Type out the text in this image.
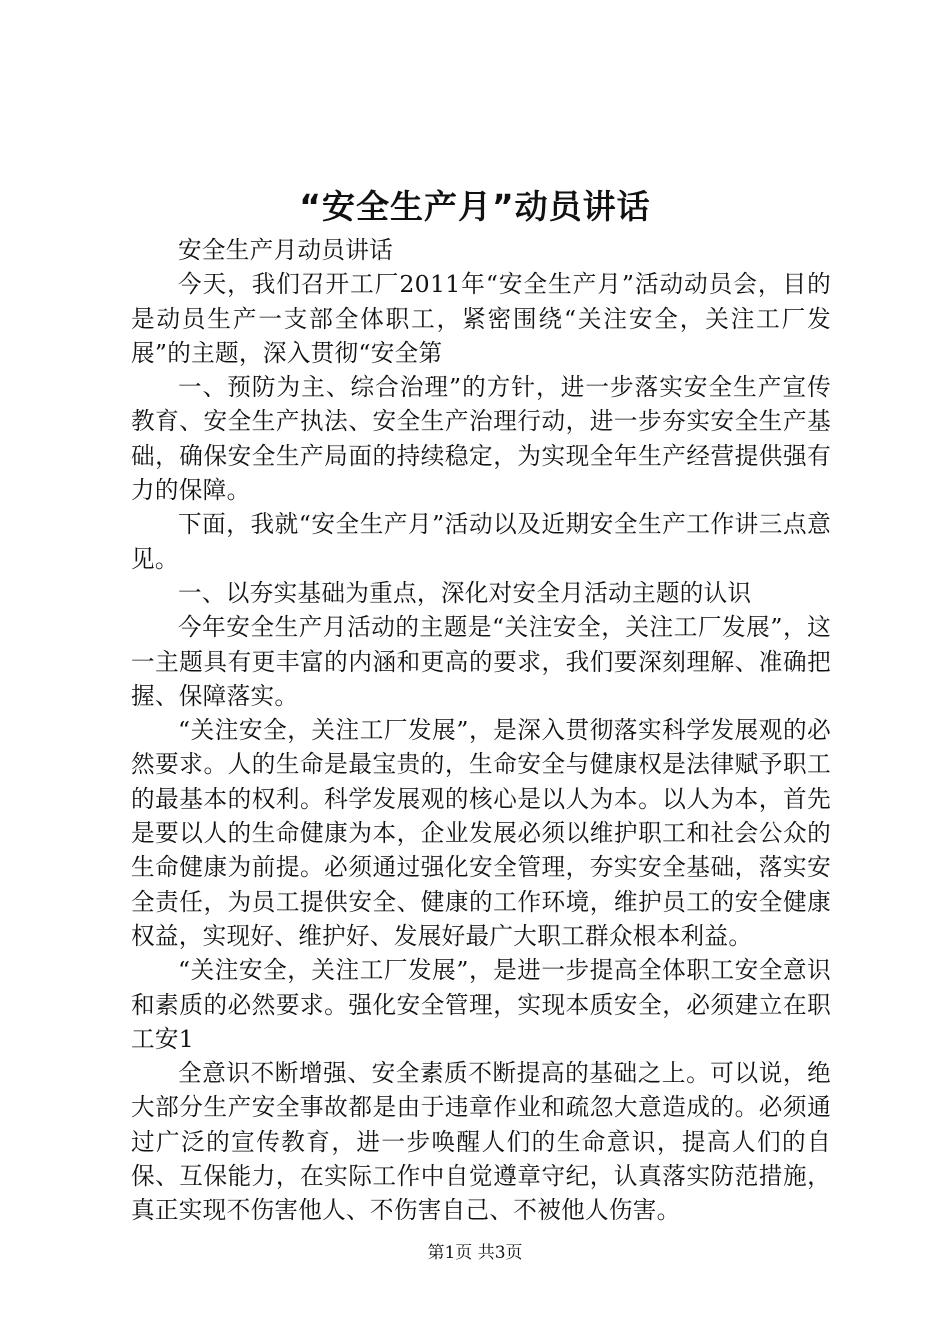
“安全生产月”动员讲话

安全生产月动员讲话

今天，我们召开工厂2011年“安全生产月”活动动员会，目的是动员生产一支部全体职工，紧密围绕“关注安全，关注工厂发展”的主题，深入贯彻“安全第

一、预防为主、综合治理”的方针，进一步落实安全生产宣传教育、安全生产执法、安全生产治理行动，进一步夯实安全生产基础，确保安全生产局面的持续稳定，为实现全年生产经营提供强有力的保障。

下面，我就“安全生产月”活动以及近期安全生产工作讲三点意见。

一、以夯实基础为重点，深化对安全月活动主题的认识

今年安全生产月活动的主题是“关注安全，关注工厂发展”，这一主题具有更丰富的内涵和更高的要求，我们要深刻理解、准确把握、保障落实。

“关注安全，关注工厂发展”，是深入贯彻落实科学发展观的必然要求。人的生命是最宝贵的，生命安全与健康权是法律赋予职工的最基本的权利。科学发展观的核心是以人为本。以人为本，首先是要以人的生命健康为本，企业发展必须以维护职工和社会公众的生命健康为前提。必须通过强化安全管理，夯实安全基础，落实安全责任，为员工提供安全、健康的工作环境，维护员工的安全健康权益，实现好、维护好、发展好最广大职工群众根本利益。

“关注安全，关注工厂发展”，是进一步提高全体职工安全意识和素质的必然要求。强化安全管理，实现本质安全，必须建立在职工安1

全意识不断增强、安全素质不断提高的基础之上。可以说，绝大部分生产安全事故都是由于违章作业和疏忽大意造成的。必须通过广泛的宣传教育，进一步唤醒人们的生命意识，提高人们的自保、互保能力，在实际工作中自觉遵章守纪，认真落实防范措施，真正实现不伤害他人、不伤害自己、不被他人伤害。

第1页 共3页
